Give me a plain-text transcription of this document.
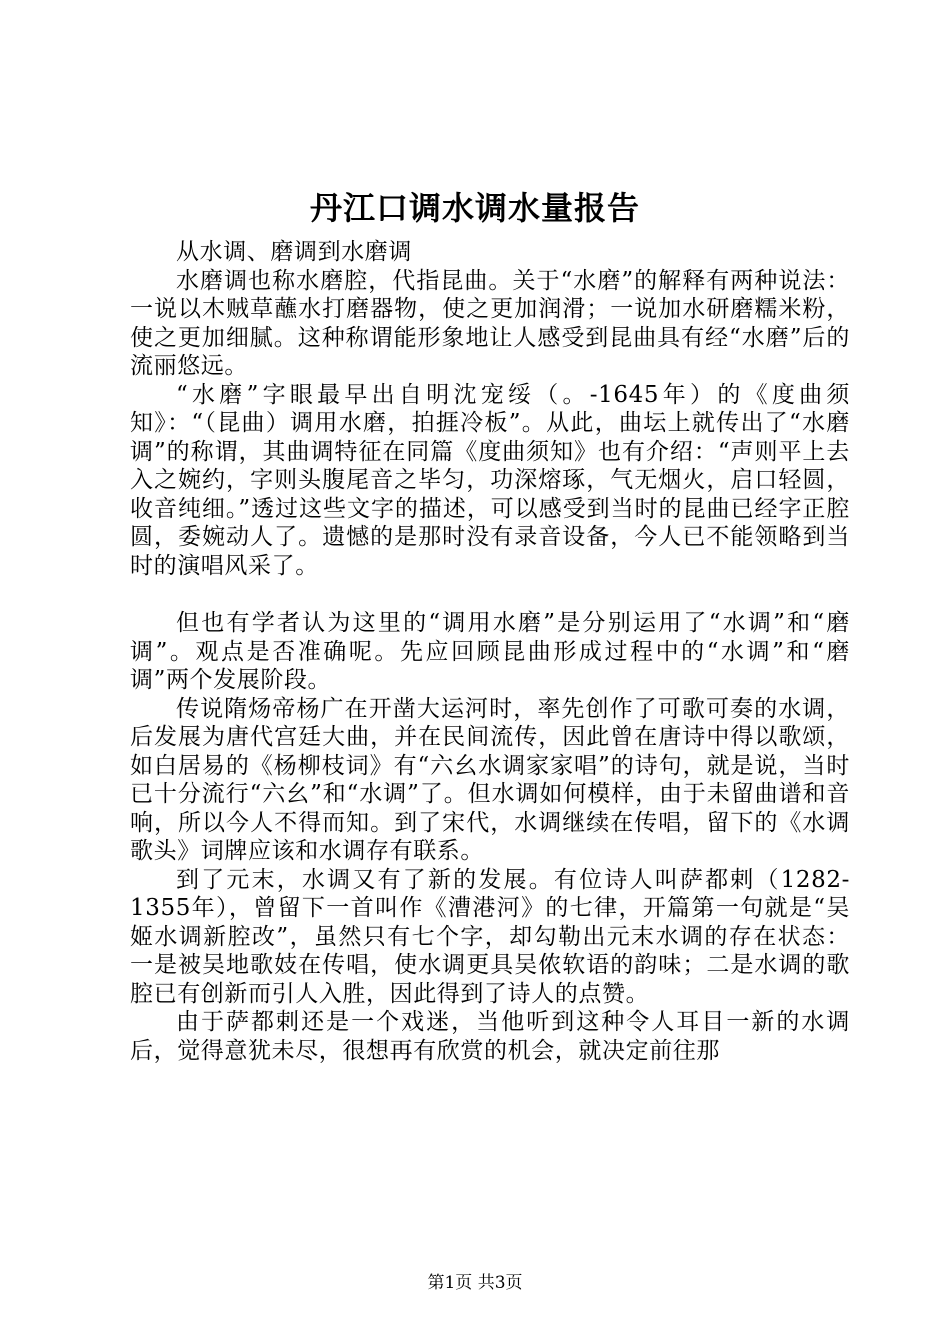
丹江口调水调水量报告

从水调、磨调到水磨调

水磨调也称水磨腔，代指昆曲。关于“水磨”的解释有两种说法：一说以木贼草蘸水打磨器物，使之更加润滑；一说加水研磨糯米粉，使之更加细腻。这种称谓能形象地让人感受到昆曲具有经“水磨”后的流丽悠远。

“水磨”字眼最早出自明沈宠绥（。-1645年）的《度曲须知》：“（昆曲）调用水磨，拍捱冷板”。从此，曲坛上就传出了“水磨调”的称谓，其曲调特征在同篇《度曲须知》也有介绍：“声则平上去入之婉约，字则头腹尾音之毕匀，功深熔琢，气无烟火，启口轻圆，收音纯细。”透过这些文字的描述，可以感受到当时的昆曲已经字正腔圆，委婉动人了。遗憾的是那时没有录音设备，今人已不能领略到当时的演唱风采了。

但也有学者认为这里的“调用水磨”是分别运用了“水调”和“磨调”。观点是否准确呢。先应回顾昆曲形成过程中的“水调”和“磨调”两个发展阶段。

传说隋炀帝杨广在开凿大运河时，率先创作了可歌可奏的水调，后发展为唐代宫廷大曲，并在民间流传，因此曾在唐诗中得以歌颂，如白居易的《杨柳枝词》有“六幺水调家家唱”的诗句，就是说，当时已十分流行“六幺”和“水调”了。但水调如何模样，由于未留曲谱和音响，所以今人不得而知。到了宋代，水调继续在传唱，留下的《水调歌头》词牌应该和水调存有联系。

到了元末，水调又有了新的发展。有位诗人叫萨都剌（1282-1355年），曾留下一首叫作《漕港河》的七律，开篇第一句就是“吴姬水调新腔改”，虽然只有七个字，却勾勒出元末水调的存在状态：一是被吴地歌妓在传唱，使水调更具吴侬软语的韵味；二是水调的歌腔已有创新而引人入胜，因此得到了诗人的点赞。

由于萨都剌还是一个戏迷，当他听到这种令人耳目一新的水调后，觉得意犹未尽，很想再有欣赏的机会，就决定前往那

第1页 共3页
